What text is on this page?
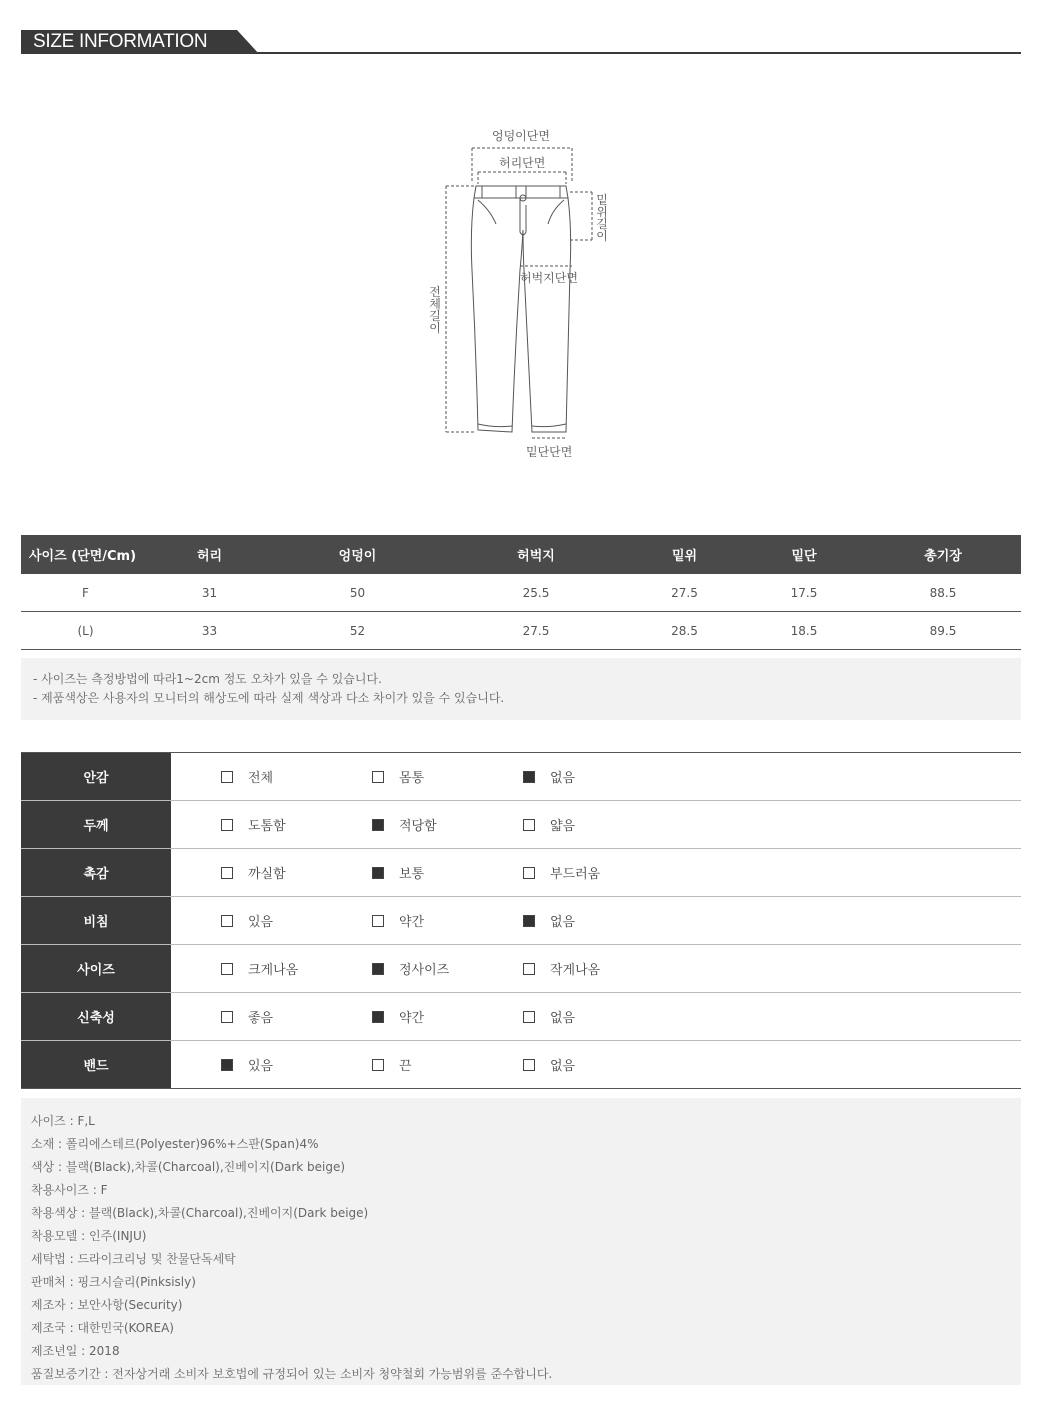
SIZE INFORMATION
엉덩이단면
허리단면
밑위길이
허벅지단면
전체길이
밑단단면
사이즈 (단면/Cm)	허리	엉덩이	허벅지	밑위	밑단	총기장
F	31	50	25.5	27.5	17.5	88.5
(L)	33	52	27.5	28.5	18.5	89.5
- 사이즈는 측정방법에 따라1~2cm 정도 오차가 있을 수 있습니다.
- 제품색상은 사용자의 모니터의 해상도에 따라 실제 색상과 다소 차이가 있을 수 있습니다.
안감	전체	몸통	없음
두께	도톰함	적당함	얇음
촉감	까실함	보통	부드러움
비침	있음	약간	없음
사이즈	크게나옴	정사이즈	작게나옴
신축성	좋음	약간	없음
밴드	있음	끈	없음
사이즈 : F,L
소재 : 폴리에스테르(Polyester)96%+스판(Span)4%
색상 : 블랙(Black),차콜(Charcoal),진베이지(Dark beige)
착용사이즈 : F
착용색상 : 블랙(Black),차콜(Charcoal),진베이지(Dark beige)
착용모델 : 인주(INJU)
세탁법 : 드라이크리닝 및 찬물단독세탁
판매처 : 핑크시슬리(Pinksisly)
제조자 : 보안사항(Security)
제조국 : 대한민국(KOREA)
제조년일 : 2018
품질보증기간 : 전자상거래 소비자 보호법에 규정되어 있는 소비자 청약철회 가능범위를 준수합니다.
